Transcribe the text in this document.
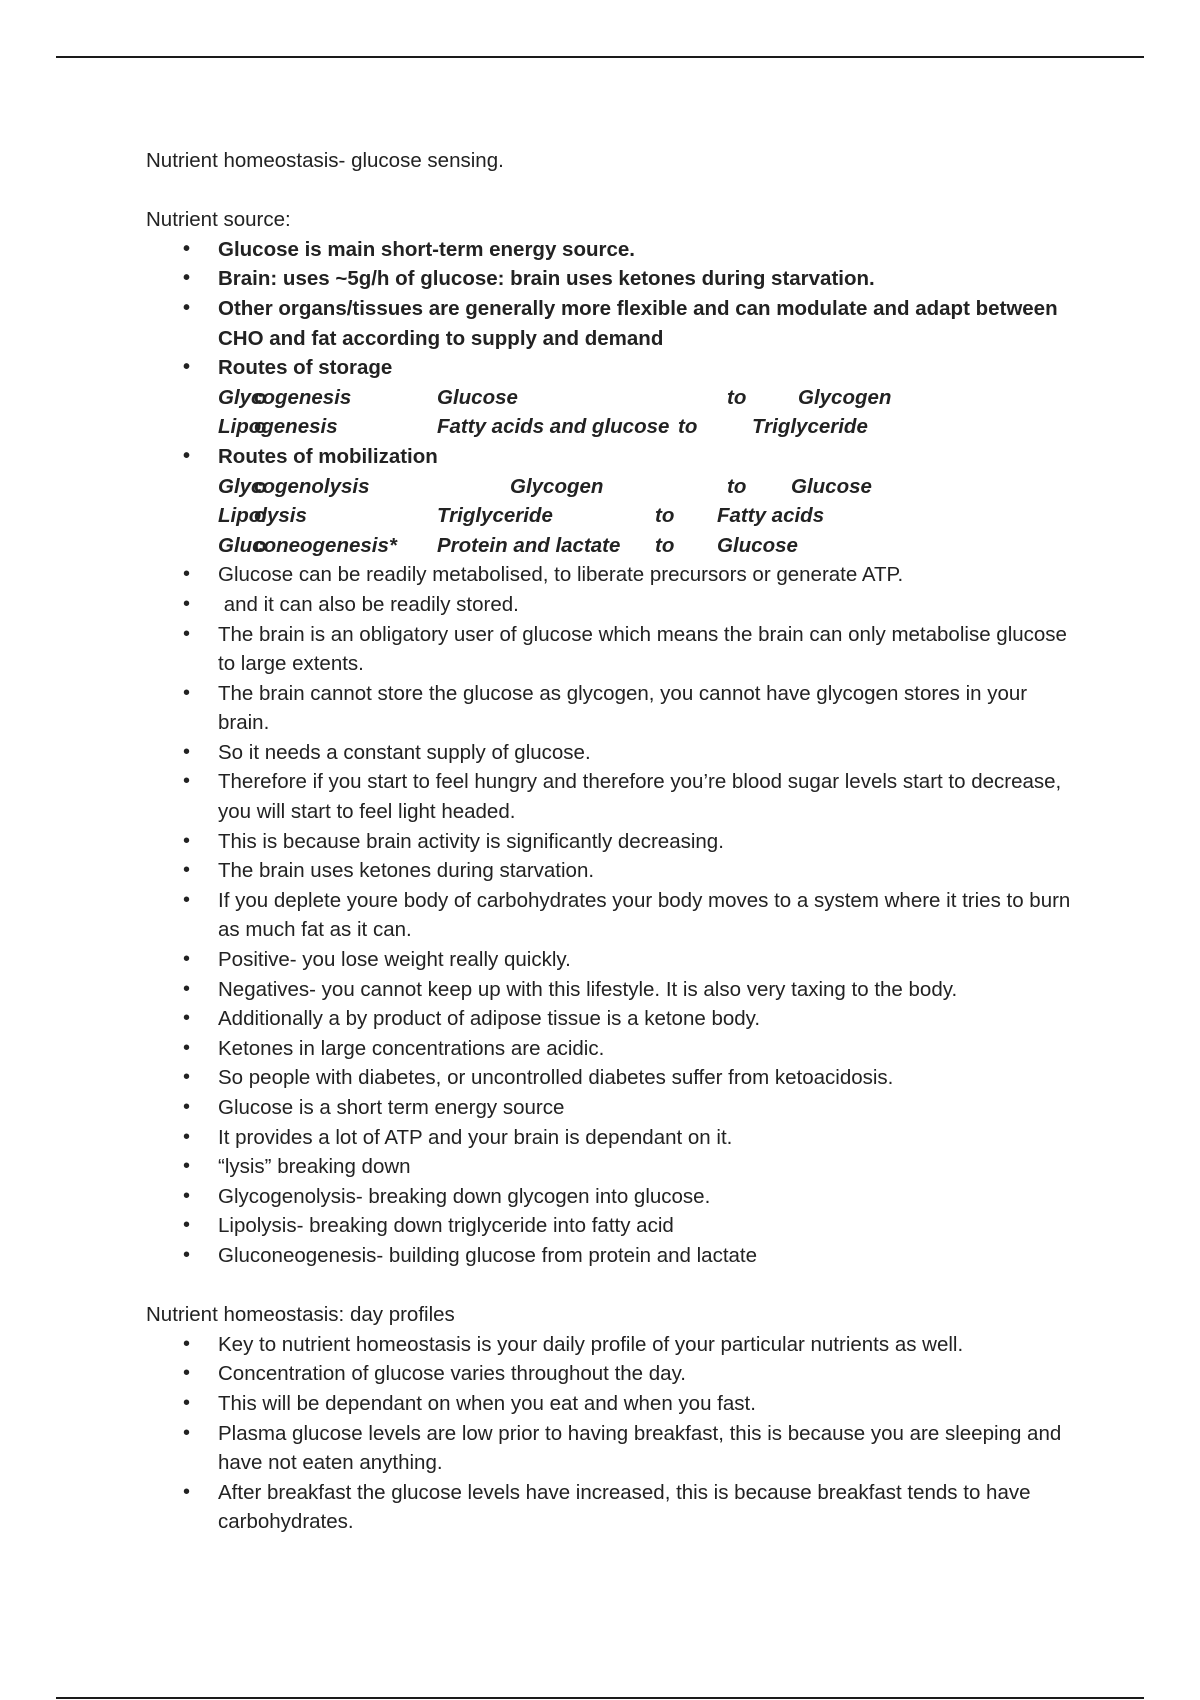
Nutrient homeostasis- glucose sensing.

Nutrient source:

• Glucose is main short-term energy source.
• Brain: uses ~5g/h of glucose: brain uses ketones during starvation.
• Other organs/tissues are generally more flexible and can modulate and adapt between CHO and fat according to supply and demand
• Routes of storage
o Glycogenesis	Glucose	to	Glycogen
o Lipogenesis	Fatty acids and glucose to	Triglyceride
• Routes of mobilization
o Glycogenolysis	Glycogen	to Glucose
o Lipolysis	Triglyceride	to Fatty acids
o Gluconeogenesis* Protein and lactate to Glucose
• Glucose can be readily metabolised, to liberate precursors or generate ATP.
•  and it can also be readily stored.
• The brain is an obligatory user of glucose which means the brain can only metabolise glucose to large extents.
• The brain cannot store the glucose as glycogen, you cannot have glycogen stores in your brain.
• So it needs a constant supply of glucose.
• Therefore if you start to feel hungry and therefore you’re blood sugar levels start to decrease, you will start to feel light headed.
• This is because brain activity is significantly decreasing.
• The brain uses ketones during starvation.
• If you deplete youre body of carbohydrates your body moves to a system where it tries to burn as much fat as it can.
• Positive- you lose weight really quickly.
• Negatives- you cannot keep up with this lifestyle. It is also very taxing to the body.
• Additionally a by product of adipose tissue is a ketone body.
• Ketones in large concentrations are acidic.
• So people with diabetes, or uncontrolled diabetes suffer from ketoacidosis.
• Glucose is a short term energy source
• It provides a lot of ATP and your brain is dependant on it.
• “lysis” breaking down
• Glycogenolysis- breaking down glycogen into glucose.
• Lipolysis- breaking down triglyceride into fatty acid
• Gluconeogenesis- building glucose from protein and lactate

Nutrient homeostasis: day profiles

• Key to nutrient homeostasis is your daily profile of your particular nutrients as well.
• Concentration of glucose varies throughout the day.
• This will be dependant on when you eat and when you fast.
• Plasma glucose levels are low prior to having breakfast, this is because you are sleeping and have not eaten anything.
• After breakfast the glucose levels have increased, this is because breakfast tends to have carbohydrates.
